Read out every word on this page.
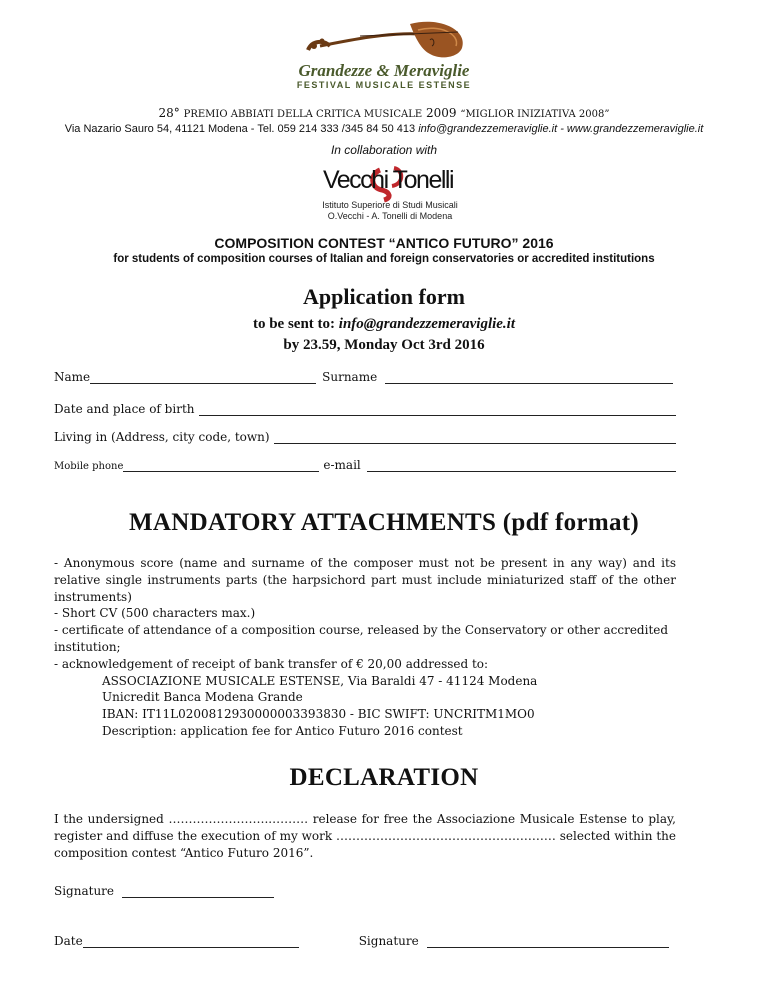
Grandezze & Meraviglie
FESTIVAL MUSICALE ESTENSE
28° PREMIO ABBIATI DELLA CRITICA MUSICALE 2009 “MIGLIOR INIZIATIVA 2008”
Via Nazario Sauro 54, 41121 Modena - Tel. 059 214 333 /345 84 50 413 info@grandezzemeraviglie.it - www.grandezzemeraviglie.it
In collaboration with
Vecchi Tonelli
Istituto Superiore di Studi Musicali
O.Vecchi - A. Tonelli di Modena
COMPOSITION CONTEST “ANTICO FUTURO” 2016
for students of composition courses of Italian and foreign conservatories or accredited institutions
Application form
to be sent to: info@grandezzemeraviglie.it
by 23.59, Monday Oct 3rd 2016
Name	Surname
Date and place of birth
Living in (Address, city code, town)
Mobile phone	e-mail
MANDATORY ATTACHMENTS (pdf format)
- Anonymous score (name and surname of the composer must not be present in any way) and its relative single instruments parts (the harpsichord part must include miniaturized staff of the other instruments)
- Short CV (500 characters max.)
- certificate of attendance of a composition course, released by the Conservatory or other accredited institution;
- acknowledgement of receipt of bank transfer of € 20,00 addressed to:
ASSOCIAZIONE MUSICALE ESTENSE, Via Baraldi 47 - 41124 Modena
Unicredit Banca Modena Grande
IBAN: IT11L0200812930000003393830 - BIC SWIFT: UNCRITM1MO0
Description: application fee for Antico Futuro 2016 contest
DECLARATION
I the undersigned ……………………..……… release for free the Associazione Musicale Estense to play, register and diffuse the execution of my work ……………………………………….……… selected within the composition contest “Antico Futuro 2016”.
Signature
Date	Signature
